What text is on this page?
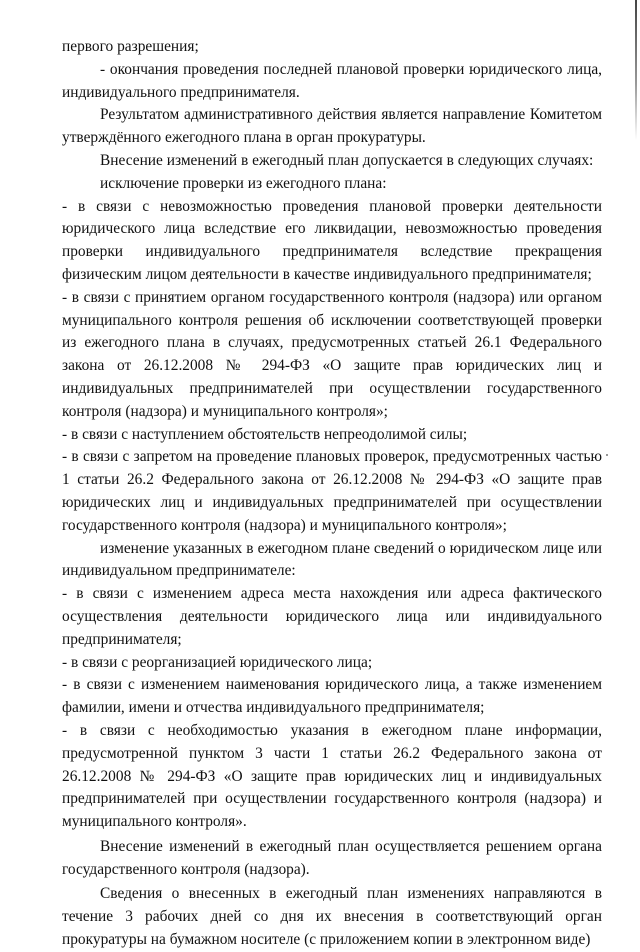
первого разрешения;

- окончания проведения последней плановой проверки юридического лица, индивидуального предпринимателя.

Результатом административного действия является направление Комитетом утверждённого ежегодного плана в орган прокуратуры.

Внесение изменений в ежегодный план допускается в следующих случаях:

исключение проверки из ежегодного плана:

- в связи с невозможностью проведения плановой проверки деятельности юридического лица вследствие его ликвидации, невозможностью проведения проверки индивидуального предпринимателя вследствие прекращения физическим лицом деятельности в качестве индивидуального предпринимателя;

- в связи с принятием органом государственного контроля (надзора) или органом муниципального контроля решения об исключении соответствующей проверки из ежегодного плана в случаях, предусмотренных статьей 26.1 Федерального закона от 26.12.2008 № 294-ФЗ «О защите прав юридических лиц и индивидуальных предпринимателей при осуществлении государственного контроля (надзора) и муниципального контроля»;

- в связи с наступлением обстоятельств непреодолимой силы;

- в связи с запретом на проведение плановых проверок, предусмотренных частью 1 статьи 26.2 Федерального закона от 26.12.2008 № 294-ФЗ «О защите прав юридических лиц и индивидуальных предпринимателей при осуществлении государственного контроля (надзора) и муниципального контроля»;

изменение указанных в ежегодном плане сведений о юридическом лице или индивидуальном предпринимателе:

- в связи с изменением адреса места нахождения или адреса фактического осуществления деятельности юридического лица или индивидуального предпринимателя;

- в связи с реорганизацией юридического лица;

- в связи с изменением наименования юридического лица, а также изменением фамилии, имени и отчества индивидуального предпринимателя;

- в связи с необходимостью указания в ежегодном плане информации, предусмотренной пунктом 3 части 1 статьи 26.2 Федерального закона от 26.12.2008 № 294-ФЗ «О защите прав юридических лиц и индивидуальных предпринимателей при осуществлении государственного контроля (надзора) и муниципального контроля».

Внесение изменений в ежегодный план осуществляется решением органа государственного контроля (надзора).

Сведения о внесенных в ежегодный план изменениях направляются в течение 3 рабочих дней со дня их внесения в соответствующий орган прокуратуры на бумажном носителе (с приложением копии в электронном виде)
